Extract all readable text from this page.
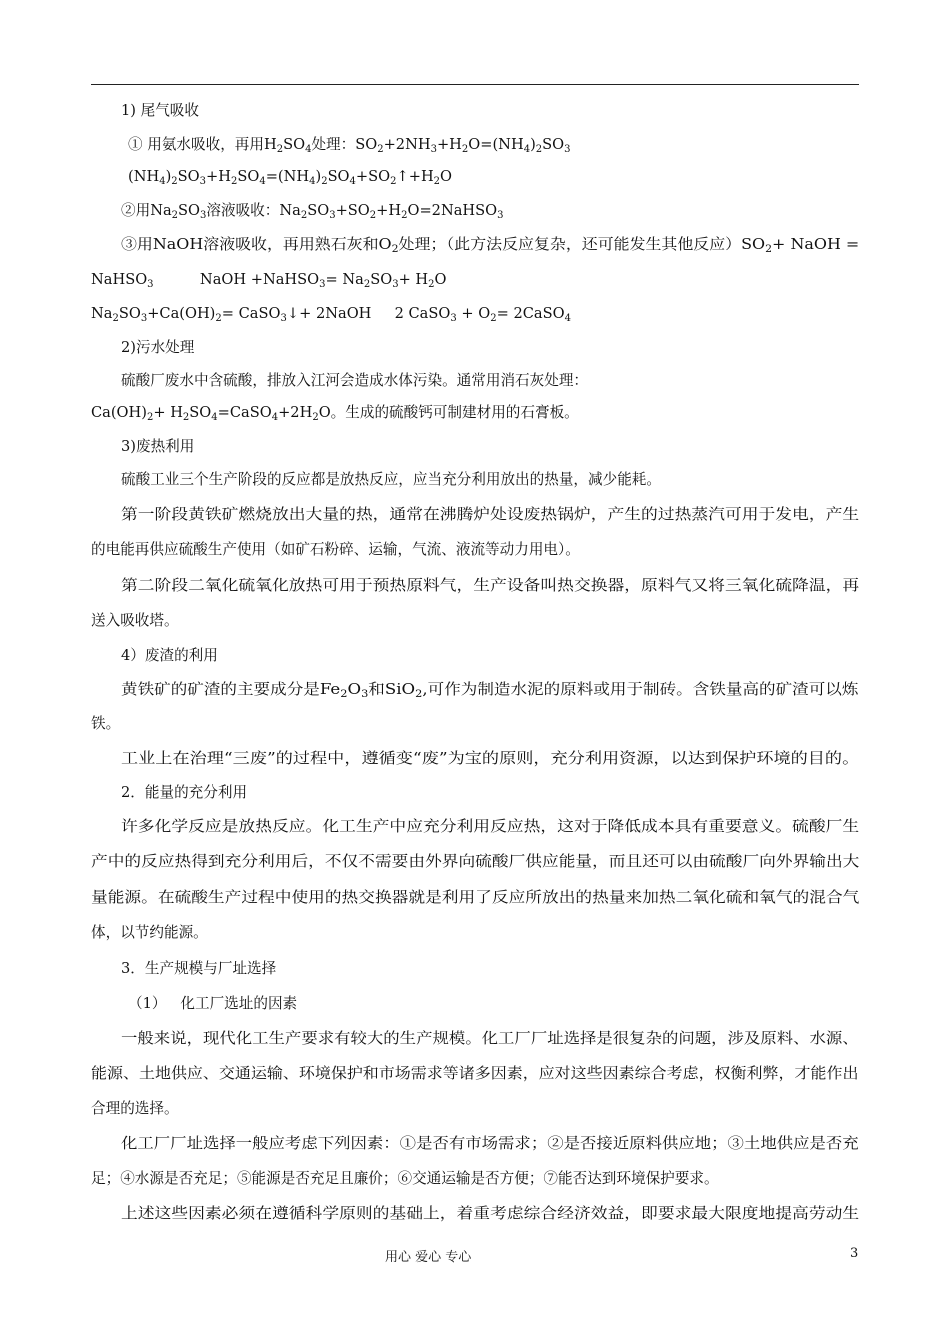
1) 尾气吸收
① 用氨水吸收，再用$H_2SO_4$处理：$SO_2+2NH_3+H_2O=(NH_4)_2SO_3$
$(NH_4)_2SO_3+H_2SO_4=(NH_4)_2SO_4+SO_2↑+H_2O$
②用$Na_2SO_3$溶液吸收：$Na_2SO_3+SO_2+H_2O=2NaHSO_3$
③用NaOH溶液吸收，再用熟石灰和$O_2$处理；（此方法反应复杂，还可能发生其他反应）$SO_2+$ NaOH =
NaHSO$_3$          NaOH +NaHSO$_3$= $Na_2SO_3+ H_2O$
$Na_2SO_3+Ca(OH)_2=$ CaSO$_3$↓+ 2NaOH     2 CaSO$_3$ + $O_2=$ 2CaSO$_4$
2)污水处理
硫酸厂废水中含硫酸，排放入江河会造成水体污染。通常用消石灰处理：
$Ca(OH)_2+$ $H_2SO_4=CaSO_4+2H_2O$。生成的硫酸钙可制建材用的石膏板。
3)废热利用
硫酸工业三个生产阶段的反应都是放热反应，应当充分利用放出的热量，减少能耗。
第一阶段黄铁矿燃烧放出大量的热，通常在沸腾炉处设废热锅炉，产生的过热蒸汽可用于发电，产生
的电能再供应硫酸生产使用（如矿石粉碎、运输，气流、液流等动力用电）。
第二阶段二氧化硫氧化放热可用于预热原料气，生产设备叫热交换器，原料气又将三氧化硫降温，再
送入吸收塔。
4）废渣的利用
黄铁矿的矿渣的主要成分是$Fe_2O_3$和SiO$_2$,可作为制造水泥的原料或用于制砖。含铁量高的矿渣可以炼
铁。
工业上在治理“三废”的过程中，遵循变“废”为宝的原则，充分利用资源，以达到保护环境的目的。
2．能量的充分利用
许多化学反应是放热反应。化工生产中应充分利用反应热，这对于降低成本具有重要意义。硫酸厂生
产中的反应热得到充分利用后，不仅不需要由外界向硫酸厂供应能量，而且还可以由硫酸厂向外界输出大
量能源。在硫酸生产过程中使用的热交换器就是利用了反应所放出的热量来加热二氧化硫和氧气的混合气
体，以节约能源。
3．生产规模与厂址选择
（1）   化工厂选址的因素
一般来说，现代化工生产要求有较大的生产规模。化工厂厂址选择是很复杂的问题，涉及原料、水源、
能源、土地供应、交通运输、环境保护和市场需求等诸多因素，应对这些因素综合考虑，权衡利弊，才能作出
合理的选择。
化工厂厂址选择一般应考虑下列因素：①是否有市场需求；②是否接近原料供应地；③土地供应是否充
足；④水源是否充足；⑤能源是否充足且廉价；⑥交通运输是否方便；⑦能否达到环境保护要求。
上述这些因素必须在遵循科学原则的基础上，着重考虑综合经济效益，即要求最大限度地提高劳动生
用心 爱心 专心	3
